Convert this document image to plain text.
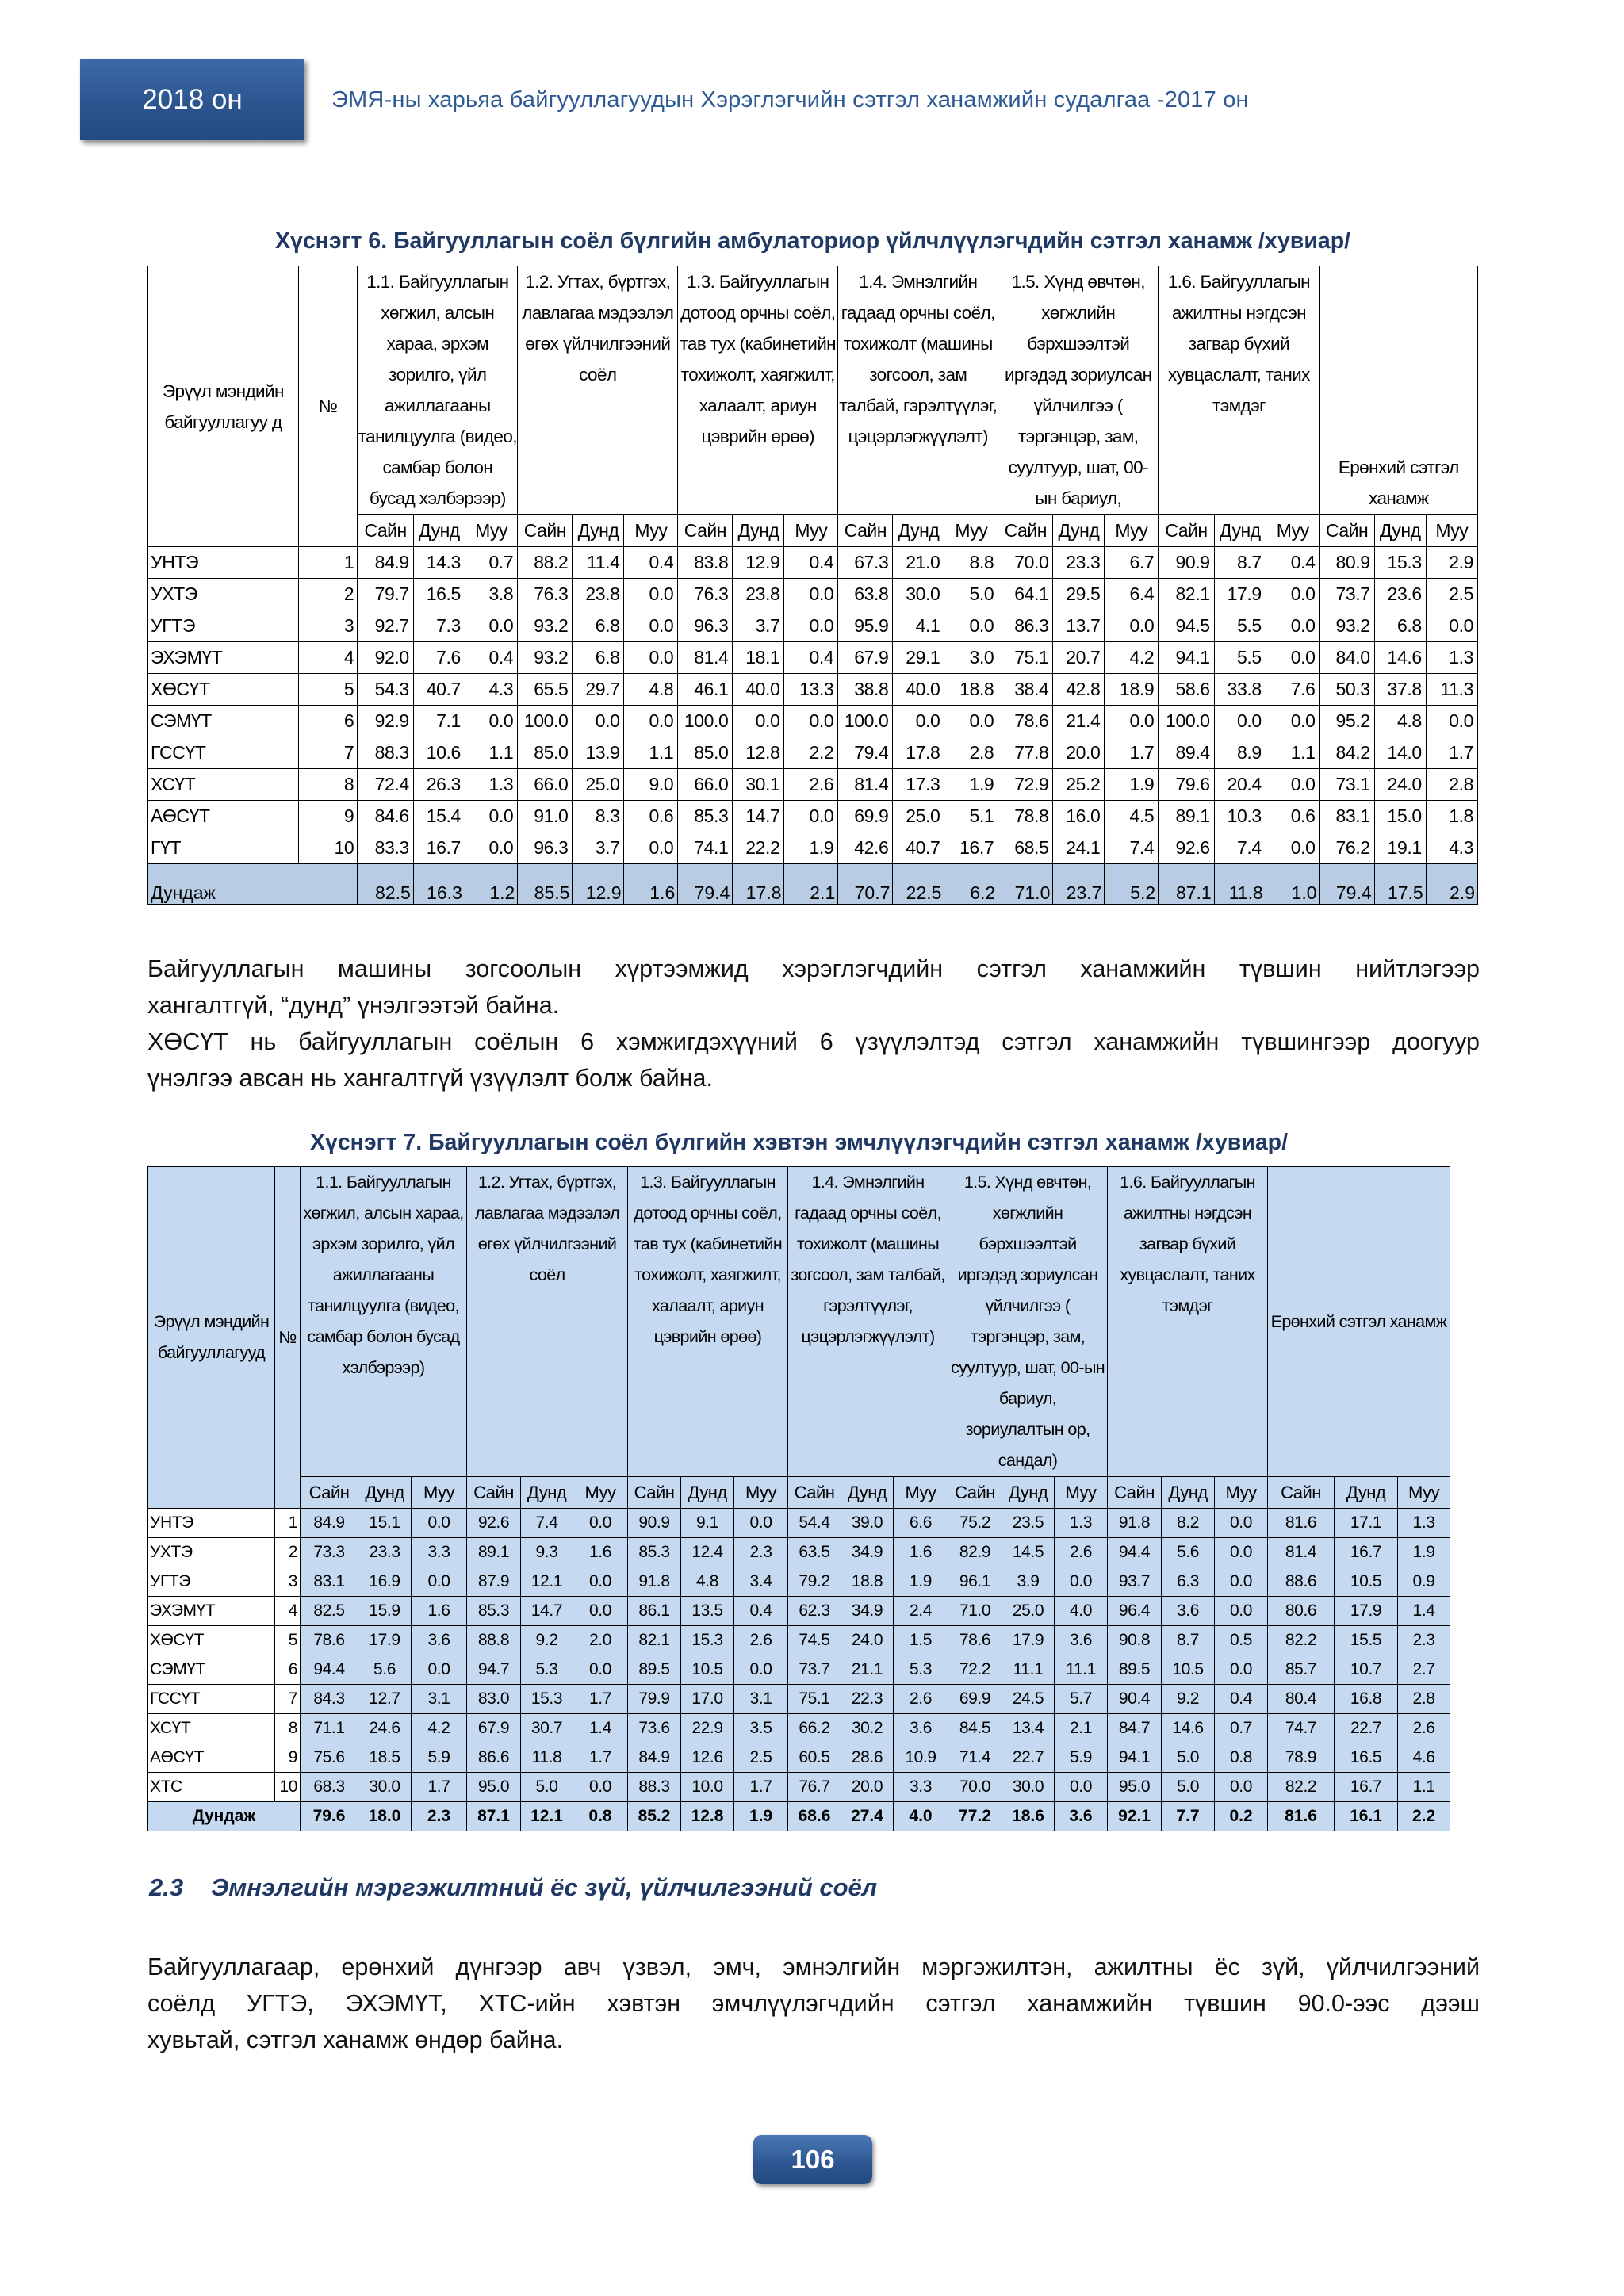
2018 он	ЭМЯ-ны харьяа байгууллагуудын Хэрэглэгчийн сэтгэл ханамжийн судалгаа -2017 он
Хүснэгт 6. Байгууллагын соёл бүлгийн амбулаториор үйлчлүүлэгчдийн сэтгэл ханамж /хувиар/
Эрүүл мэндийн байгууллагуу д	№	1.1. Байгууллагын хөгжил, алсын хараа, эрхэм зорилго, үйл ажиллагааны танилцуулга (видео, самбар болон бусад хэлбэрээр)			1.2. Угтах, бүртгэх, лавлагаа мэдээлэл өгөх үйлчилгээний соёл			1.3. Байгууллагын дотоод орчны соёл, тав тух (кабинетийн тохижолт, хаягжилт, халаалт, ариун цэврийн өрөө)			1.4. Эмнэлгийн гадаад орчны соёл, тохижолт (машины зогсоол, зам талбай, гэрэлтүүлэг, цэцэрлэгжүүлэлт)			1.5. Хүнд өвчтөн, хөгжлийн бэрхшээлтэй иргэдэд зориулсан үйлчилгээ ( тэргэнцэр, зам, суултуур, шат, 00-ын бариул,			1.6. Байгууллагын ажилтны нэгдсэн загвар бүхий хувцаслалт, таних тэмдэг			Ерөнхий сэтгэл ханамж		
		Сайн	Дунд	Муу	Сайн	Дунд	Муу	Сайн	Дунд	Муу	Сайн	Дунд	Муу	Сайн	Дунд	Муу	Сайн	Дунд	Муу	Сайн	Дунд	Муу
УНТЭ	1	84.9	14.3	0.7	88.2	11.4	0.4	83.8	12.9	0.4	67.3	21.0	8.8	70.0	23.3	6.7	90.9	8.7	0.4	80.9	15.3	2.9
УХТЭ	2	79.7	16.5	3.8	76.3	23.8	0.0	76.3	23.8	0.0	63.8	30.0	5.0	64.1	29.5	6.4	82.1	17.9	0.0	73.7	23.6	2.5
УГТЭ	3	92.7	7.3	0.0	93.2	6.8	0.0	96.3	3.7	0.0	95.9	4.1	0.0	86.3	13.7	0.0	94.5	5.5	0.0	93.2	6.8	0.0
ЭХЭМҮТ	4	92.0	7.6	0.4	93.2	6.8	0.0	81.4	18.1	0.4	67.9	29.1	3.0	75.1	20.7	4.2	94.1	5.5	0.0	84.0	14.6	1.3
ХӨСҮТ	5	54.3	40.7	4.3	65.5	29.7	4.8	46.1	40.0	13.3	38.8	40.0	18.8	38.4	42.8	18.9	58.6	33.8	7.6	50.3	37.8	11.3
СЭМҮТ	6	92.9	7.1	0.0	100.0	0.0	0.0	100.0	0.0	0.0	100.0	0.0	0.0	78.6	21.4	0.0	100.0	0.0	0.0	95.2	4.8	0.0
ГССҮТ	7	88.3	10.6	1.1	85.0	13.9	1.1	85.0	12.8	2.2	79.4	17.8	2.8	77.8	20.0	1.7	89.4	8.9	1.1	84.2	14.0	1.7
ХСҮТ	8	72.4	26.3	1.3	66.0	25.0	9.0	66.0	30.1	2.6	81.4	17.3	1.9	72.9	25.2	1.9	79.6	20.4	0.0	73.1	24.0	2.8
АӨСҮТ	9	84.6	15.4	0.0	91.0	8.3	0.6	85.3	14.7	0.0	69.9	25.0	5.1	78.8	16.0	4.5	89.1	10.3	0.6	83.1	15.0	1.8
ГҮТ	10	83.3	16.7	0.0	96.3	3.7	0.0	74.1	22.2	1.9	42.6	40.7	16.7	68.5	24.1	7.4	92.6	7.4	0.0	76.2	19.1	4.3
Дундаж		82.5	16.3	1.2	85.5	12.9	1.6	79.4	17.8	2.1	70.7	22.5	6.2	71.0	23.7	5.2	87.1	11.8	1.0	79.4	17.5	2.9
Байгууллагын машины зогсоолын хүртээмжид хэрэглэгчдийн сэтгэл ханамжийн түвшин нийтлэгээр
хангалтгүй, “дунд” үнэлгээтэй байна.
ХӨСҮТ нь байгууллагын соёлын 6 хэмжигдэхүүний 6 үзүүлэлтэд сэтгэл ханамжийн түвшингээр доогуур
үнэлгээ авсан нь хангалтгүй үзүүлэлт болж байна.
Хүснэгт 7. Байгууллагын соёл бүлгийн хэвтэн эмчлүүлэгчдийн сэтгэл ханамж /хувиар/
Эрүүл мэндийн байгууллагууд	№	1.1. Байгууллагын хөгжил, алсын хараа, эрхэм зорилго, үйл ажиллагааны танилцуулга (видео, самбар болон бусад хэлбэрээр)			1.2. Угтах, бүртгэх, лавлагаа мэдээлэл өгөх үйлчилгээний соёл			1.3. Байгууллагын дотоод орчны соёл, тав тух (кабинетийн тохижолт, хаягжилт, халаалт, ариун цэврийн өрөө)			1.4. Эмнэлгийн гадаад орчны соёл, тохижолт (машины зогсоол, зам талбай, гэрэлтүүлэг, цэцэрлэгжүүлэлт)			1.5. Хүнд өвчтөн, хөгжлийн бэрхшээлтэй иргэдэд зориулсан үйлчилгээ ( тэргэнцэр, зам, суултуур, шат, 00-ын бариул, зориулалтын ор, сандал)			1.6. Байгууллагын ажилтны нэгдсэн загвар бүхий хувцаслалт, таних тэмдэг			Ерөнхий сэтгэл ханамж		
		Сайн	Дунд	Муу	Сайн	Дунд	Муу	Сайн	Дунд	Муу	Сайн	Дунд	Муу	Сайн	Дунд	Муу	Сайн	Дунд	Муу	Сайн	Дунд	Муу
УНТЭ	1	84.9	15.1	0.0	92.6	7.4	0.0	90.9	9.1	0.0	54.4	39.0	6.6	75.2	23.5	1.3	91.8	8.2	0.0	81.6	17.1	1.3
УХТЭ	2	73.3	23.3	3.3	89.1	9.3	1.6	85.3	12.4	2.3	63.5	34.9	1.6	82.9	14.5	2.6	94.4	5.6	0.0	81.4	16.7	1.9
УГТЭ	3	83.1	16.9	0.0	87.9	12.1	0.0	91.8	4.8	3.4	79.2	18.8	1.9	96.1	3.9	0.0	93.7	6.3	0.0	88.6	10.5	0.9
ЭХЭМҮТ	4	82.5	15.9	1.6	85.3	14.7	0.0	86.1	13.5	0.4	62.3	34.9	2.4	71.0	25.0	4.0	96.4	3.6	0.0	80.6	17.9	1.4
ХӨСҮТ	5	78.6	17.9	3.6	88.8	9.2	2.0	82.1	15.3	2.6	74.5	24.0	1.5	78.6	17.9	3.6	90.8	8.7	0.5	82.2	15.5	2.3
СЭМҮТ	6	94.4	5.6	0.0	94.7	5.3	0.0	89.5	10.5	0.0	73.7	21.1	5.3	72.2	11.1	11.1	89.5	10.5	0.0	85.7	10.7	2.7
ГССҮТ	7	84.3	12.7	3.1	83.0	15.3	1.7	79.9	17.0	3.1	75.1	22.3	2.6	69.9	24.5	5.7	90.4	9.2	0.4	80.4	16.8	2.8
ХСҮТ	8	71.1	24.6	4.2	67.9	30.7	1.4	73.6	22.9	3.5	66.2	30.2	3.6	84.5	13.4	2.1	84.7	14.6	0.7	74.7	22.7	2.6
АӨСҮТ	9	75.6	18.5	5.9	86.6	11.8	1.7	84.9	12.6	2.5	60.5	28.6	10.9	71.4	22.7	5.9	94.1	5.0	0.8	78.9	16.5	4.6
ХТС	10	68.3	30.0	1.7	95.0	5.0	0.0	88.3	10.0	1.7	76.7	20.0	3.3	70.0	30.0	0.0	95.0	5.0	0.0	82.2	16.7	1.1
Дундаж		79.6	18.0	2.3	87.1	12.1	0.8	85.2	12.8	1.9	68.6	27.4	4.0	77.2	18.6	3.6	92.1	7.7	0.2	81.6	16.1	2.2
2.3 Эмнэлгийн мэргэжилтний ёс зүй, үйлчилгээний соёл
Байгууллагаар, ерөнхий дүнгээр авч үзвэл, эмч, эмнэлгийн мэргэжилтэн, ажилтны ёс зүй, үйлчилгээний
соёлд УГТЭ, ЭХЭМҮТ, ХТС-ийн хэвтэн эмчлүүлэгчдийн сэтгэл ханамжийн түвшин 90.0-ээс дээш
хувьтай, сэтгэл ханамж өндөр байна.
106
